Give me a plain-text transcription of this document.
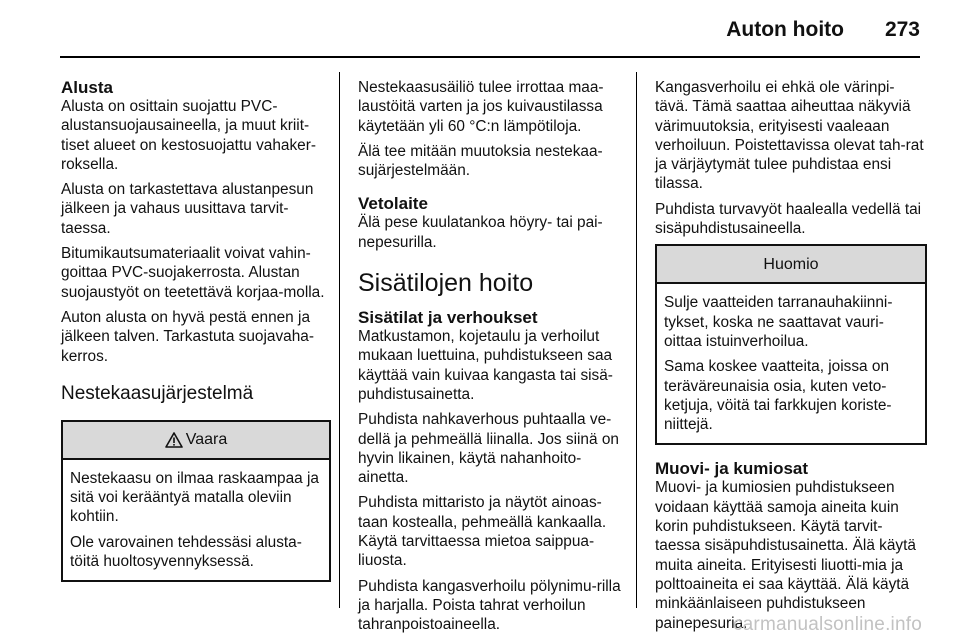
Auton hoito 273
Alusta

Alusta on osittain suojattu PVC-alustansuojausaineella, ja muut kriit-tiset alueet on kestosuojattu vahaker-roksella.

Alusta on tarkastettava alustanpesun jälkeen ja vahaus uusittava tarvit-taessa.

Bitumikautsumateriaalit voivat vahin-goittaa PVC-suojakerrosta. Alustan suojaustyöt on teetettävä korjaa-molla.

Auton alusta on hyvä pestä ennen ja jälkeen talven. Tarkastuta suojavaha-kerros.

Nestekaasujärjestelmä
Vaara

Nestekaasu on ilmaa raskaampaa ja sitä voi kerääntyä matalla oleviin kohtiin.

Ole varovainen tehdessäsi alusta-töitä huoltosyvennyksessä.

Nestekaasusäiliö tulee irrottaa maa-laustöitä varten ja jos kuivaustilassa käytetään yli 60 °C:n lämpötiloja.

Älä tee mitään muutoksia nestekaa-sujärjestelmään.

Vetolaite

Älä pese kuulatankoa höyry- tai pai-nepesurilla.

Sisätilojen hoito
Sisätilat ja verhoukset

Matkustamon, kojetaulu ja verhoilut mukaan luettuina, puhdistukseen saa käyttää vain kuivaa kangasta tai sisä-puhdistusainetta.

Puhdista nahkaverhous puhtaalla ve-dellä ja pehmeällä liinalla. Jos siinä on hyvin likainen, käytä nahanhoito-ainetta.

Puhdista mittaristo ja näytöt ainoas-taan kostealla, pehmeällä kankaalla. Käytä tarvittaessa mietoa saippua-liuosta.

Puhdista kangasverhoilu pölynimu-rilla ja harjalla. Poista tahrat verhoilun tahranpoistoaineella.

Kangasverhoilu ei ehkä ole värinpi-tävä. Tämä saattaa aiheuttaa näkyviä värimuutoksia, erityisesti vaaleaan verhoiluun. Poistettavissa olevat tah-rat ja värjäytymät tulee puhdistaa ensi tilassa.

Puhdista turvavyöt haalealla vedellä tai sisäpuhdistusaineella.

Huomio

Sulje vaatteiden tarranauhakiinni-tykset, koska ne saattavat vauri-oittaa istuinverhoilua.

Sama koskee vaatteita, joissa on teräväreunaisia osia, kuten veto-ketjuja, vöitä tai farkkujen koriste-niittejä.

Muovi- ja kumiosat

Muovi- ja kumiosien puhdistukseen voidaan käyttää samoja aineita kuin korin puhdistukseen. Käytä tarvit-taessa sisäpuhdistusainetta. Älä käytä muita aineita. Erityisesti liuotti-mia ja polttoaineita ei saa käyttää. Älä käytä minkäänlaiseen puhdistukseen painepesuria.

carmanualsonline.info
